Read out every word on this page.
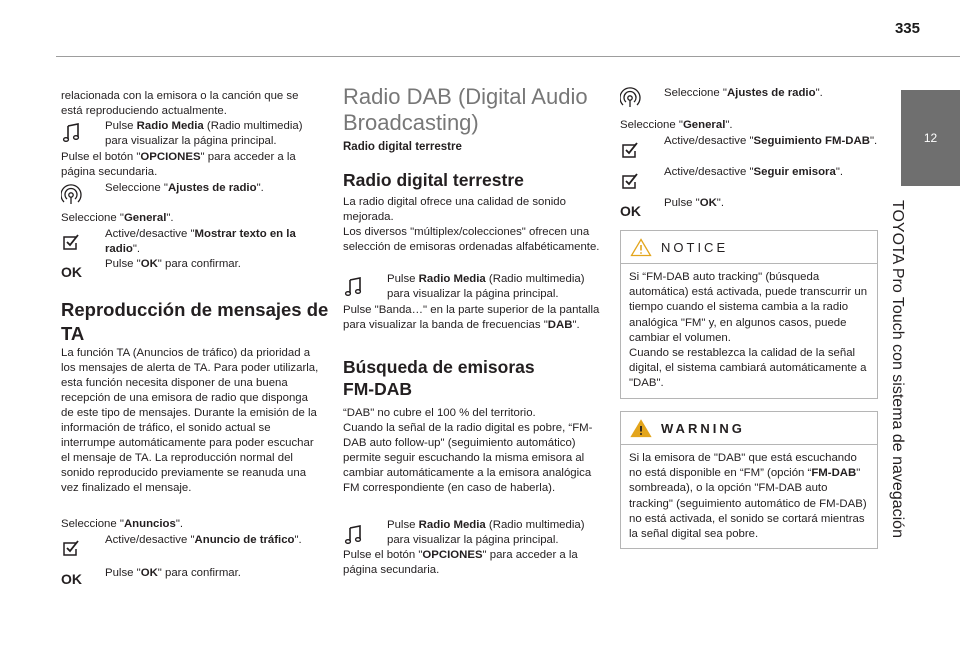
335
12
TOYOTA Pro Touch con sistema de navegación
relacionada con la emisora o la canción que se está reproduciendo actualmente.
Pulse Radio Media (Radio multimedia) para visualizar la página principal.
Pulse el botón "OPCIONES" para acceder a la página secundaria.
Seleccione "Ajustes de radio".
Seleccione "General".
Active/desactive "Mostrar texto en la radio".
OK Pulse "OK" para confirmar.
Reproducción de mensajes de TA
La función TA (Anuncios de tráfico) da prioridad a los mensajes de alerta de TA. Para poder utilizarla, esta función necesita disponer de una buena recepción de una emisora de radio que disponga de este tipo de mensajes. Durante la emisión de la información de tráfico, el sonido actual se interrumpe automáticamente para poder escuchar el mensaje de TA. La reproducción normal del sonido reproducido previamente se reanuda una vez finalizado el mensaje.
Seleccione "Anuncios".
Active/desactive "Anuncio de tráfico".
OK Pulse "OK" para confirmar.
Radio DAB (Digital Audio Broadcasting)
Radio digital terrestre
Radio digital terrestre
La radio digital ofrece una calidad de sonido mejorada.
Los diversos "múltiplex/colecciones" ofrecen una selección de emisoras ordenadas alfabéticamente.
Pulse Radio Media (Radio multimedia) para visualizar la página principal.
Pulse "Banda…" en la parte superior de la pantalla para visualizar la banda de frecuencias "DAB".
Búsqueda de emisoras FM-DAB
“DAB" no cubre el 100 % del territorio.
Cuando la señal de la radio digital es pobre, “FM-DAB auto follow-up" (seguimiento automático) permite seguir escuchando la misma emisora al cambiar automáticamente a la emisora analógica FM correspondiente (en caso de haberla).
Pulse Radio Media (Radio multimedia) para visualizar la página principal.
Pulse el botón "OPCIONES" para acceder a la página secundaria.
Seleccione "Ajustes de radio".
Seleccione "General".
Active/desactive "Seguimiento FM-DAB".
Active/desactive "Seguir emisora".
OK Pulse "OK".
NOTICE
Si “FM-DAB auto tracking" (búsqueda automática) está activada, puede transcurrir un tiempo cuando el sistema cambia a la radio analógica "FM" y, en algunos casos, puede cambiar el volumen.
Cuando se restablezca la calidad de la señal digital, el sistema cambiará automáticamente a "DAB".
WARNING
Si la emisora de "DAB" que está escuchando no está disponible en “FM” (opción “FM-DAB" sombreada), o la opción "FM-DAB auto tracking" (seguimiento automático de FM-DAB) no está activada, el sonido se cortará mientras la señal digital sea pobre.
